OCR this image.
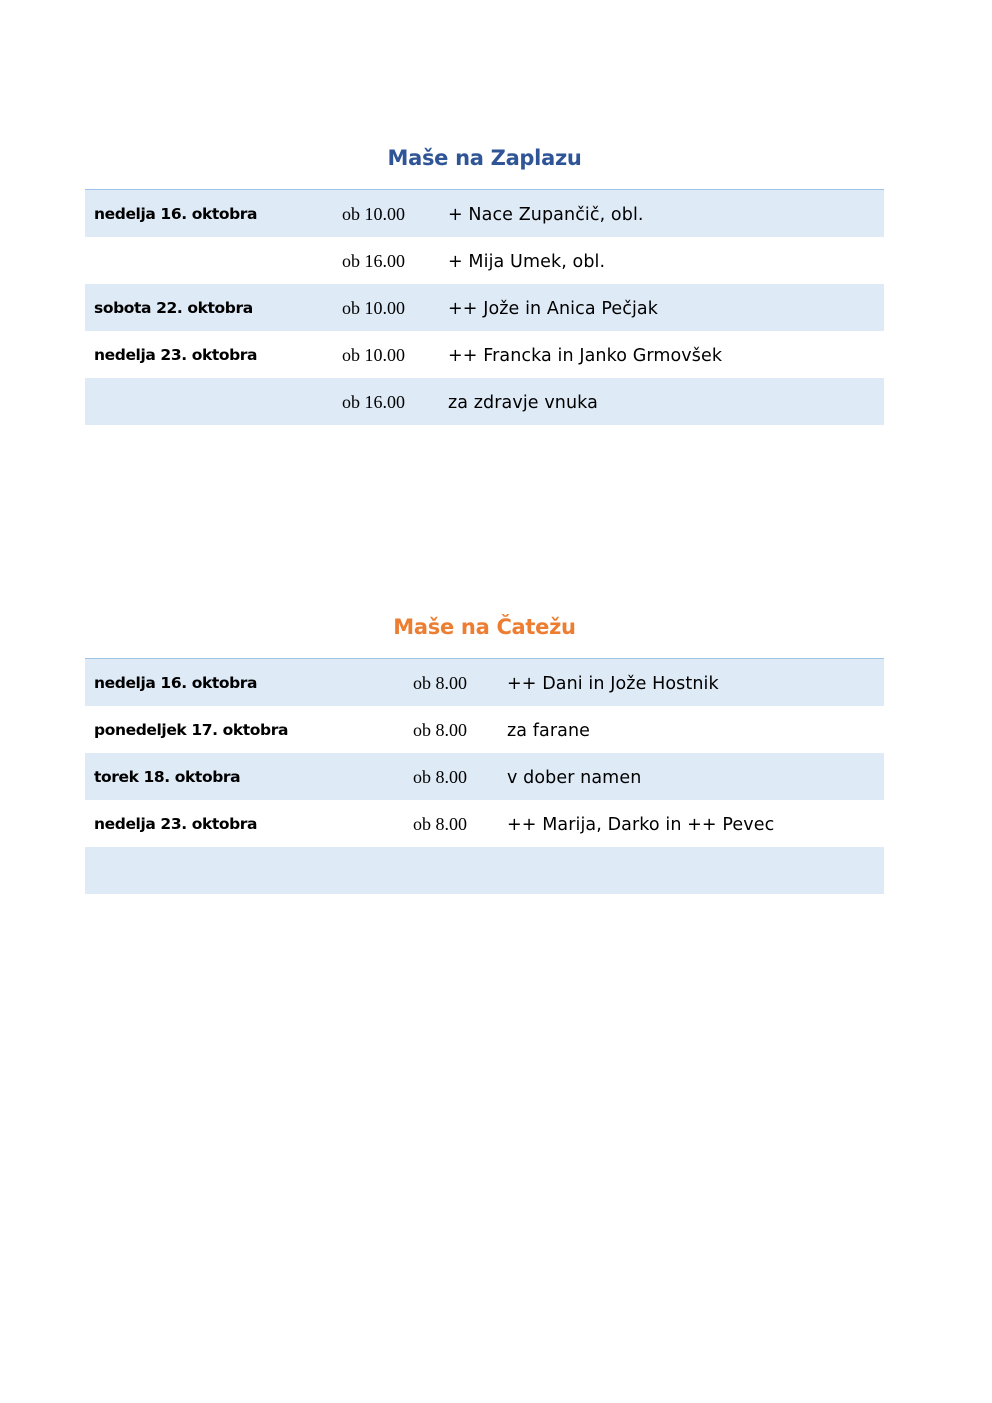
Maše na Zaplazu
nedelja 16. oktobra	ob 10.00 + Nace Zupančič, obl.
ob 16.00 + Mija Umek, obl.
sobota 22. oktobra	ob 10.00 ++ Jože in Anica Pečjak
nedelja 23. oktobra	ob 10.00 ++ Francka in Janko Grmovšek
ob 16.00 za zdravje vnuka
Maše na Čatežu
nedelja 16. oktobra	ob 8.00 ++ Dani in Jože Hostnik
ponedeljek 17. oktobra	ob 8.00 za farane
torek 18. oktobra	ob 8.00 v dober namen
nedelja 23. oktobra	ob 8.00 ++ Marija, Darko in ++ Pevec
